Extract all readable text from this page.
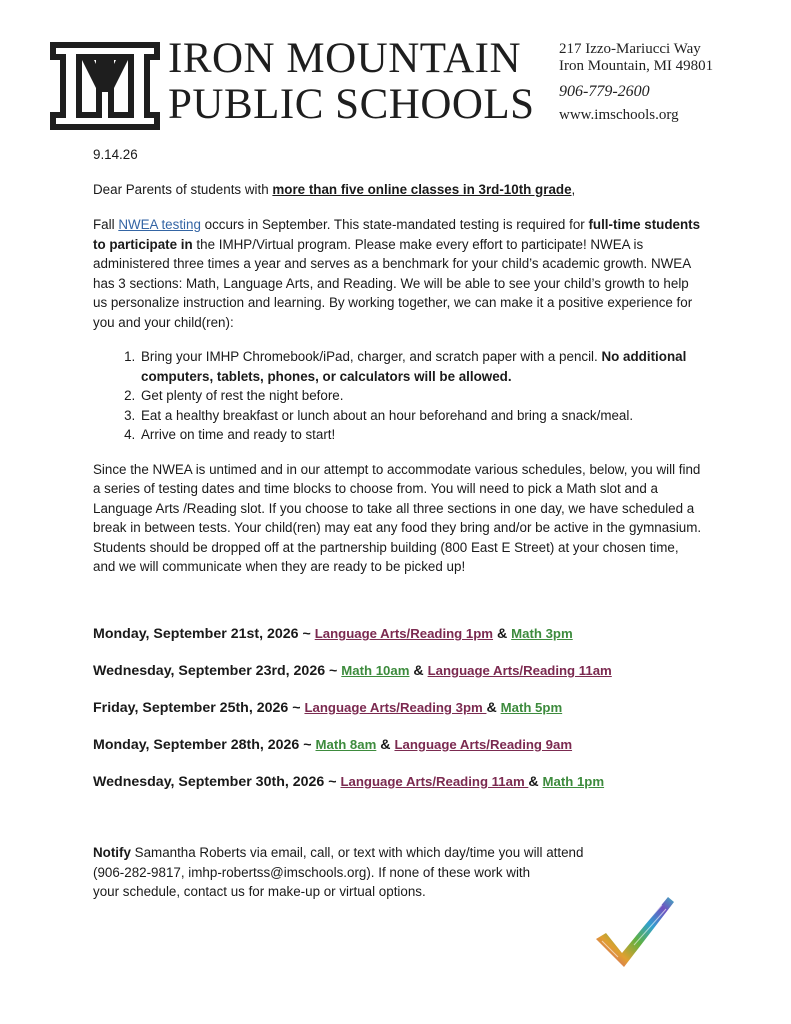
IRON MOUNTAIN
PUBLIC SCHOOLS
217 Izzo-Mariucci Way
Iron Mountain, MI 49801
906-779-2600
www.imschools.org

9.14.26

Dear Parents of students with more than five online classes in 3rd-10th grade,

Fall NWEA testing occurs in September. This state-mandated testing is required for full-time students to participate in the IMHP/Virtual program. Please make every effort to participate! NWEA is administered three times a year and serves as a benchmark for your child’s academic growth. NWEA has 3 sections: Math, Language Arts, and Reading. We will be able to see your child’s growth to help us personalize instruction and learning. By working together, we can make it a positive experience for you and your child(ren):

1. Bring your IMHP Chromebook/iPad, charger, and scratch paper with a pencil. No additional computers, tablets, phones, or calculators will be allowed.
2. Get plenty of rest the night before.
3. Eat a healthy breakfast or lunch about an hour beforehand and bring a snack/meal.
4. Arrive on time and ready to start!

Since the NWEA is untimed and in our attempt to accommodate various schedules, below, you will find a series of testing dates and time blocks to choose from. You will need to pick a Math slot and a Language Arts /Reading slot. If you choose to take all three sections in one day, we have scheduled a break in between tests. Your child(ren) may eat any food they bring and/or be active in the gymnasium. Students should be dropped off at the partnership building (800 East E Street) at your chosen time, and we will communicate when they are ready to be picked up!

Monday, September 21st, 2026 ~ Language Arts/Reading 1pm & Math 3pm
Wednesday, September 23rd, 2026 ~ Math 10am & Language Arts/Reading 11am
Friday, September 25th, 2026 ~ Language Arts/Reading 3pm & Math 5pm
Monday, September 28th, 2026 ~ Math 8am & Language Arts/Reading 9am
Wednesday, September 30th, 2026 ~ Language Arts/Reading 11am & Math 1pm
Notify Samantha Roberts via email, call, or text with which day/time you will attend
(906-282-9817, imhp-robertss@imschools.org). If none of these work with
your schedule, contact us for make-up or virtual options.
